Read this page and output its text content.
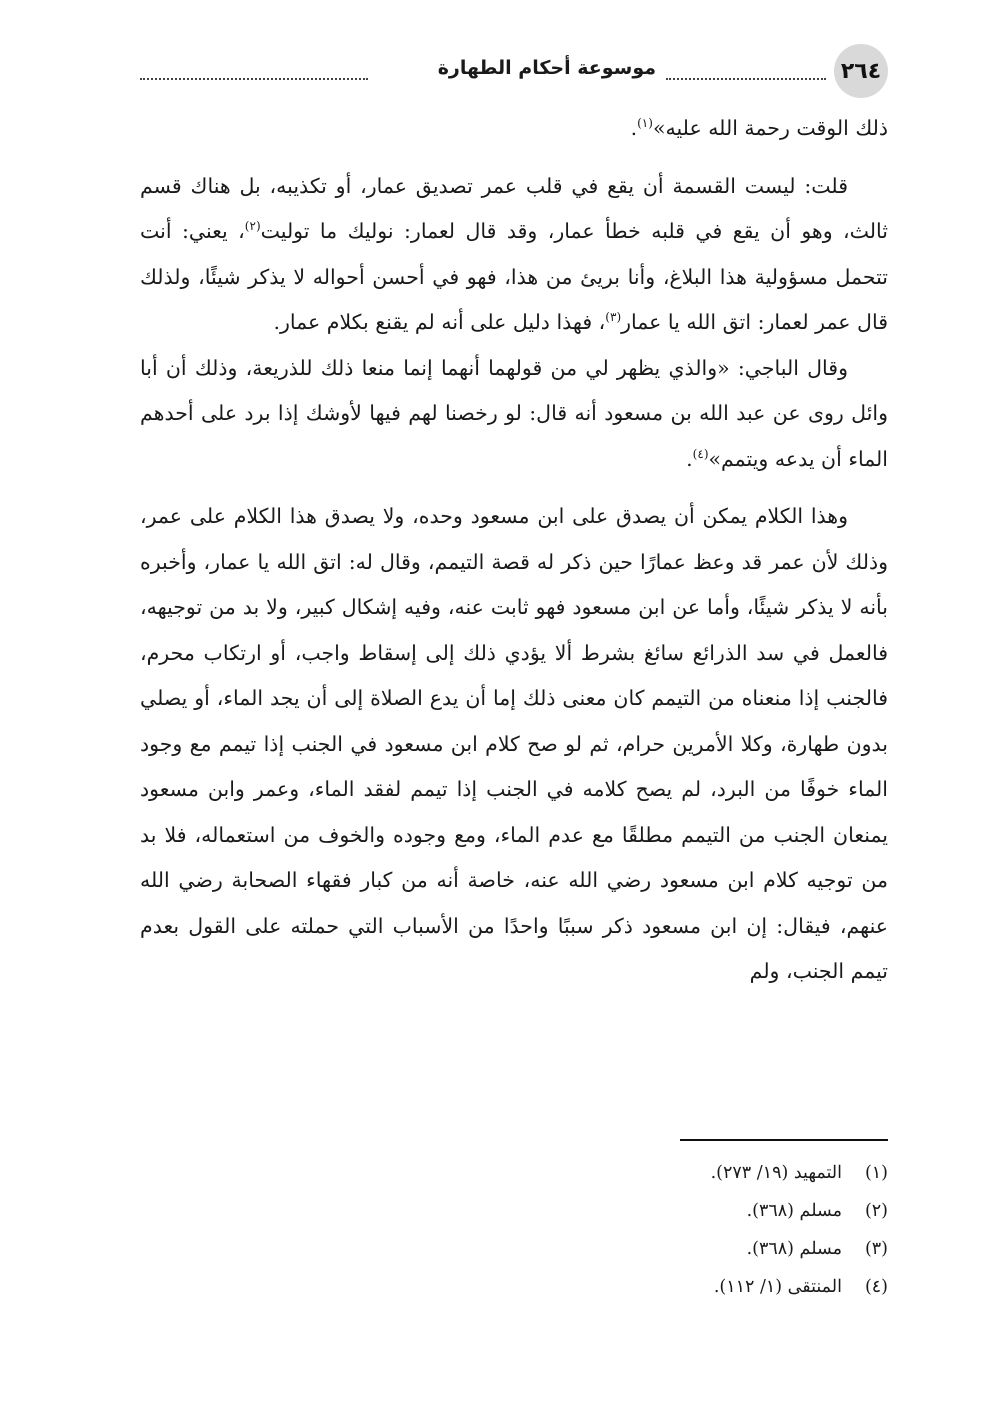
موسوعة أحكام الطهارة	٢٦٤

ذلك الوقت رحمة الله عليه»$^{(١)}$.

قلت: ليست القسمة أن يقع في قلب عمر تصديق عمار، أو تكذيبه، بل هناك قسم ثالث، وهو أن يقع في قلبه خطأ عمار، وقد قال لعمار: نوليك ما توليت$^{(٢)}$، يعني: أنت تتحمل مسؤولية هذا البلاغ، وأنا بريئ من هذا، فهو في أحسن أحواله لا يذكر شيئًا، ولذلك قال عمر لعمار: اتق الله يا عمار$^{(٣)}$، فهذا دليل على أنه لم يقنع بكلام عمار.

وقال الباجي: «والذي يظهر لي من قولهما أنهما إنما منعا ذلك للذريعة، وذلك أن أبا وائل روى عن عبد الله بن مسعود أنه قال: لو رخصنا لهم فيها لأوشك إذا برد على أحدهم الماء أن يدعه ويتمم»$^{(٤)}$.

وهذا الكلام يمكن أن يصدق على ابن مسعود وحده، ولا يصدق هذا الكلام على عمر، وذلك لأن عمر قد وعظ عمارًا حين ذكر له قصة التيمم، وقال له: اتق الله يا عمار، وأخبره بأنه لا يذكر شيئًا، وأما عن ابن مسعود فهو ثابت عنه، وفيه إشكال كبير، ولا بد من توجيهه، فالعمل في سد الذرائع سائغ بشرط ألا يؤدي ذلك إلى إسقاط واجب، أو ارتكاب محرم، فالجنب إذا منعناه من التيمم كان معنى ذلك إما أن يدع الصلاة إلى أن يجد الماء، أو يصلي بدون طهارة، وكلا الأمرين حرام، ثم لو صح كلام ابن مسعود في الجنب إذا تيمم مع وجود الماء خوفًا من البرد، لم يصح كلامه في الجنب إذا تيمم لفقد الماء، وعمر وابن مسعود يمنعان الجنب من التيمم مطلقًا مع عدم الماء، ومع وجوده والخوف من استعماله، فلا بد من توجيه كلام ابن مسعود رضي الله عنه، خاصة أنه من كبار فقهاء الصحابة رضي الله عنهم، فيقال: إن ابن مسعود ذكر سببًا واحدًا من الأسباب التي حملته على القول بعدم تيمم الجنب، ولم

(١)
التمهيد (١٩/ ٢٧٣).
(٢)
مسلم (٣٦٨).
(٣)
مسلم (٣٦٨).
(٤)
المنتقى (١/ ١١٢).
